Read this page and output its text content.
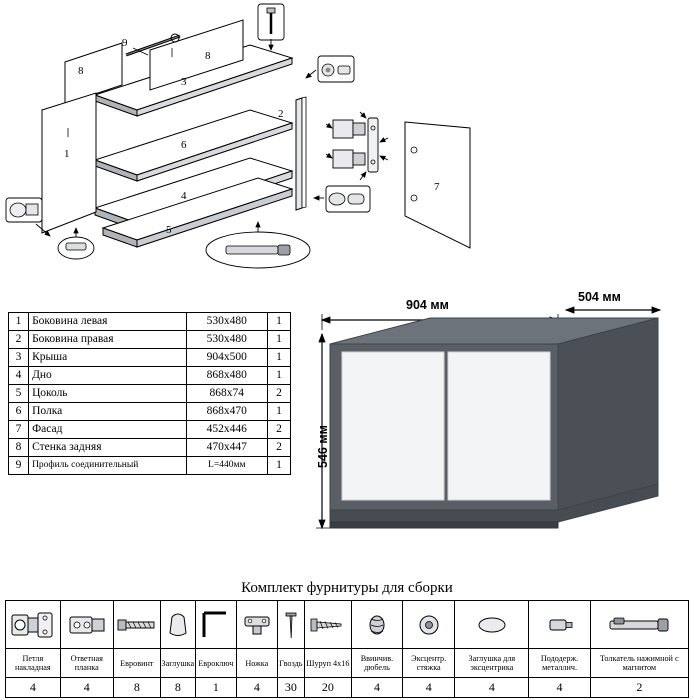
9
8
8
3
1
2
6
4
5
7
1	Боковина левая	530х480	1
2	Боковина правая	530х480	1
3	Крыша	904х500	1
4	Дно	868х480	1
5	Цоколь	868х74	2
6	Полка	868х470	1
7	Фасад	452х446	2
8	Стенка задняя	470х447	2
9	Профиль соединительный	L=440мм	1
904 мм
504 мм
546 мм
Комплект фурнитуры для сборки

Петля накладная	Ответная планка	Евровинт	Заглушка	Евроключ	Ножка	Гвоздь	Шуруп 4х16	Ввинчив. дюбель	Эксцентр. стяжка	Заглушка для эксцентрика	Пододерж. металлич.	Толкатель нажимной с магнитом
4	4	8	8	1	4	30	20	4	4	4	4	2
